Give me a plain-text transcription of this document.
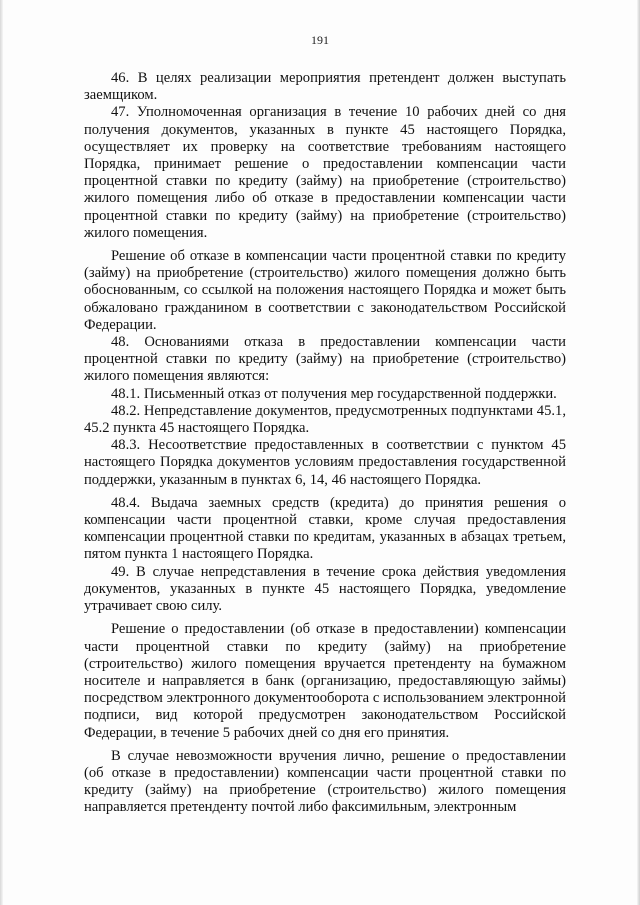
191

46. В целях реализации мероприятия претендент должен выступать заемщиком.

47. Уполномоченная организация в течение 10 рабочих дней со дня получения документов, указанных в пункте 45 настоящего Порядка, осуществляет их проверку на соответствие требованиям настоящего Порядка, принимает решение о предоставлении компенсации части процентной ставки по кредиту (займу) на приобретение (строительство) жилого помещения либо об отказе в предоставлении компенсации части процентной ставки по кредиту (займу) на приобретение (строительство) жилого помещения.

Решение об отказе в компенсации части процентной ставки по кредиту (займу) на приобретение (строительство) жилого помещения должно быть обоснованным, со ссылкой на положения настоящего Порядка и может быть обжаловано гражданином в соответствии с законодательством Российской Федерации.

48. Основаниями отказа в предоставлении компенсации части процентной ставки по кредиту (займу) на приобретение (строительство) жилого помещения являются:

48.1. Письменный отказ от получения мер государственной поддержки.

48.2. Непредставление документов, предусмотренных подпунктами 45.1, 45.2 пункта 45 настоящего Порядка.

48.3. Несоответствие предоставленных в соответствии с пунктом 45 настоящего Порядка документов условиям предоставления государственной поддержки, указанным в пунктах 6, 14, 46 настоящего Порядка.

48.4. Выдача заемных средств (кредита) до принятия решения о компенсации части процентной ставки, кроме случая предоставления компенсации процентной ставки по кредитам, указанных в абзацах третьем, пятом пункта 1 настоящего Порядка.

49. В случае непредставления в течение срока действия уведомления документов, указанных в пункте 45 настоящего Порядка, уведомление утрачивает свою силу.

Решение о предоставлении (об отказе в предоставлении) компенсации части процентной ставки по кредиту (займу) на приобретение (строительство) жилого помещения вручается претенденту на бумажном носителе и направляется в банк (организацию, предоставляющую займы) посредством электронного документооборота с использованием электронной подписи, вид которой предусмотрен законодательством Российской Федерации, в течение 5 рабочих дней со дня его принятия.

В случае невозможности вручения лично, решение о предоставлении (об отказе в предоставлении) компенсации части процентной ставки по кредиту (займу) на приобретение (строительство) жилого помещения направляется претенденту почтой либо факсимильным, электронным
